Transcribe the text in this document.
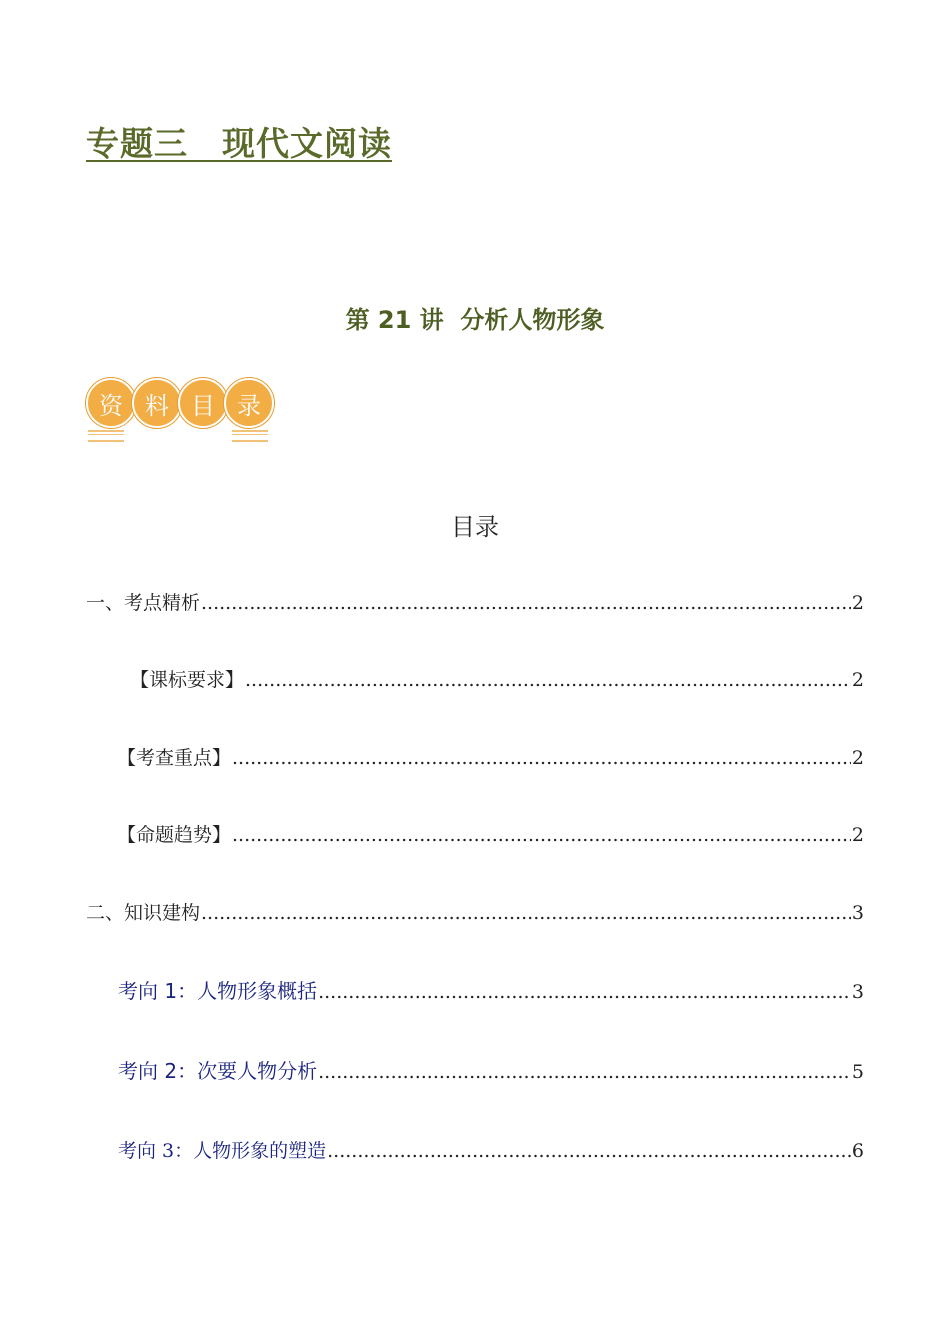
专题三　现代文阅读
第 21 讲  分析人物形象
资 料 目 录
目录
一、考点精析 .....	2
【课标要求】 .....	2
【考查重点】 .....	2
【命题趋势】 .....	2
二、知识建构 .....	3
考向 1：人物形象概括 .....	3
考向 2：次要人物分析 .....	5
考向 3：人物形象的塑造 .....	6
